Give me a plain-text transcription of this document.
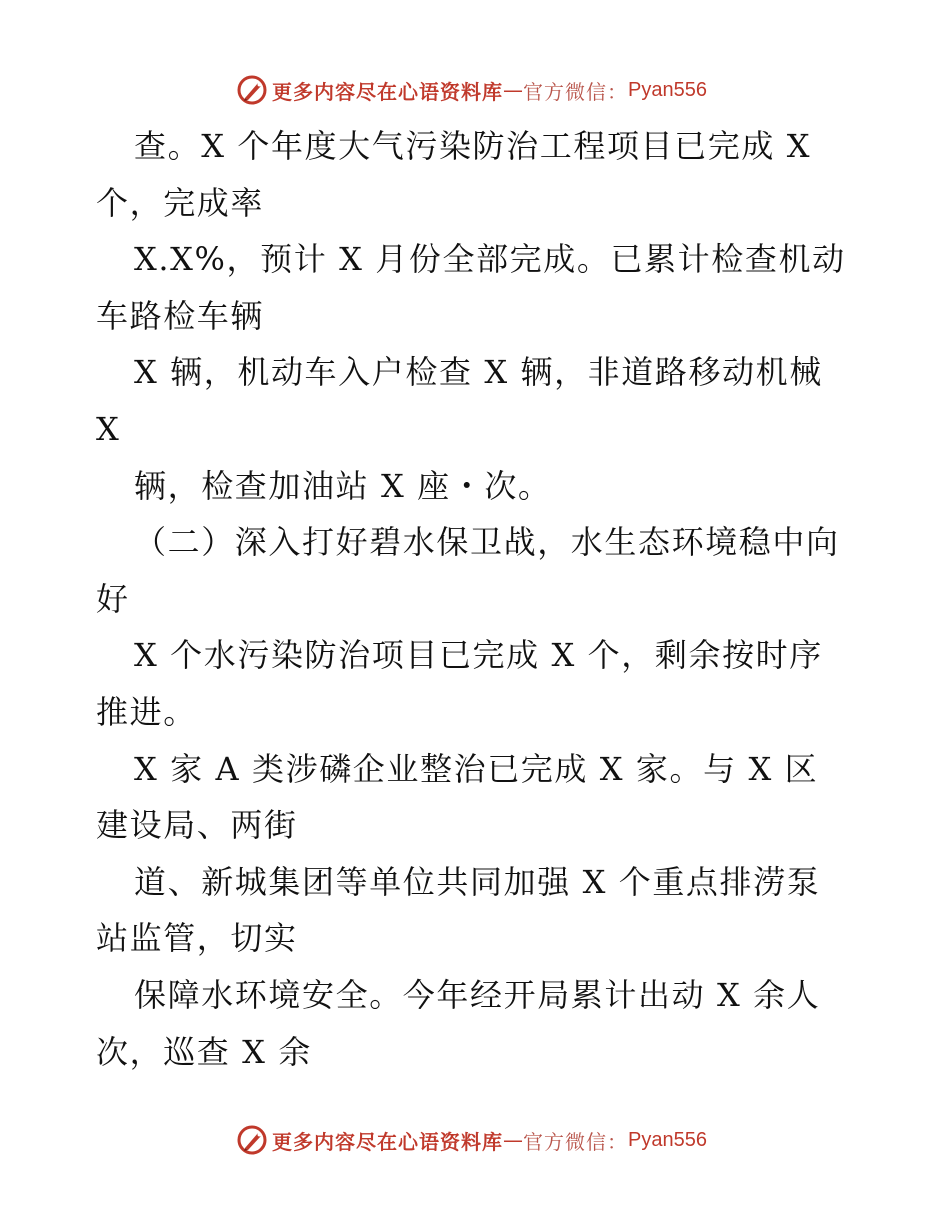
更多内容尽在心语资料库 — 官方微信： Pyan556
查。X 个年度大气污染防治工程项目已完成 X
个，完成率
X.X%，预计 X 月份全部完成。已累计检查机动
车路检车辆
X 辆，机动车入户检查 X 辆，非道路移动机械
X
辆，检查加油站 X 座・次。
（二）深入打好碧水保卫战，水生态环境稳中向
好
X 个水污染防治项目已完成 X 个，剩余按时序
推进。
X 家 A 类涉磷企业整治已完成 X 家。与 X 区
建设局、两街
道、新城集团等单位共同加强 X 个重点排涝泵
站监管，切实
保障水环境安全。今年经开局累计出动 X 余人
次，巡查 X 余
更多内容尽在心语资料库 — 官方微信： Pyan556
